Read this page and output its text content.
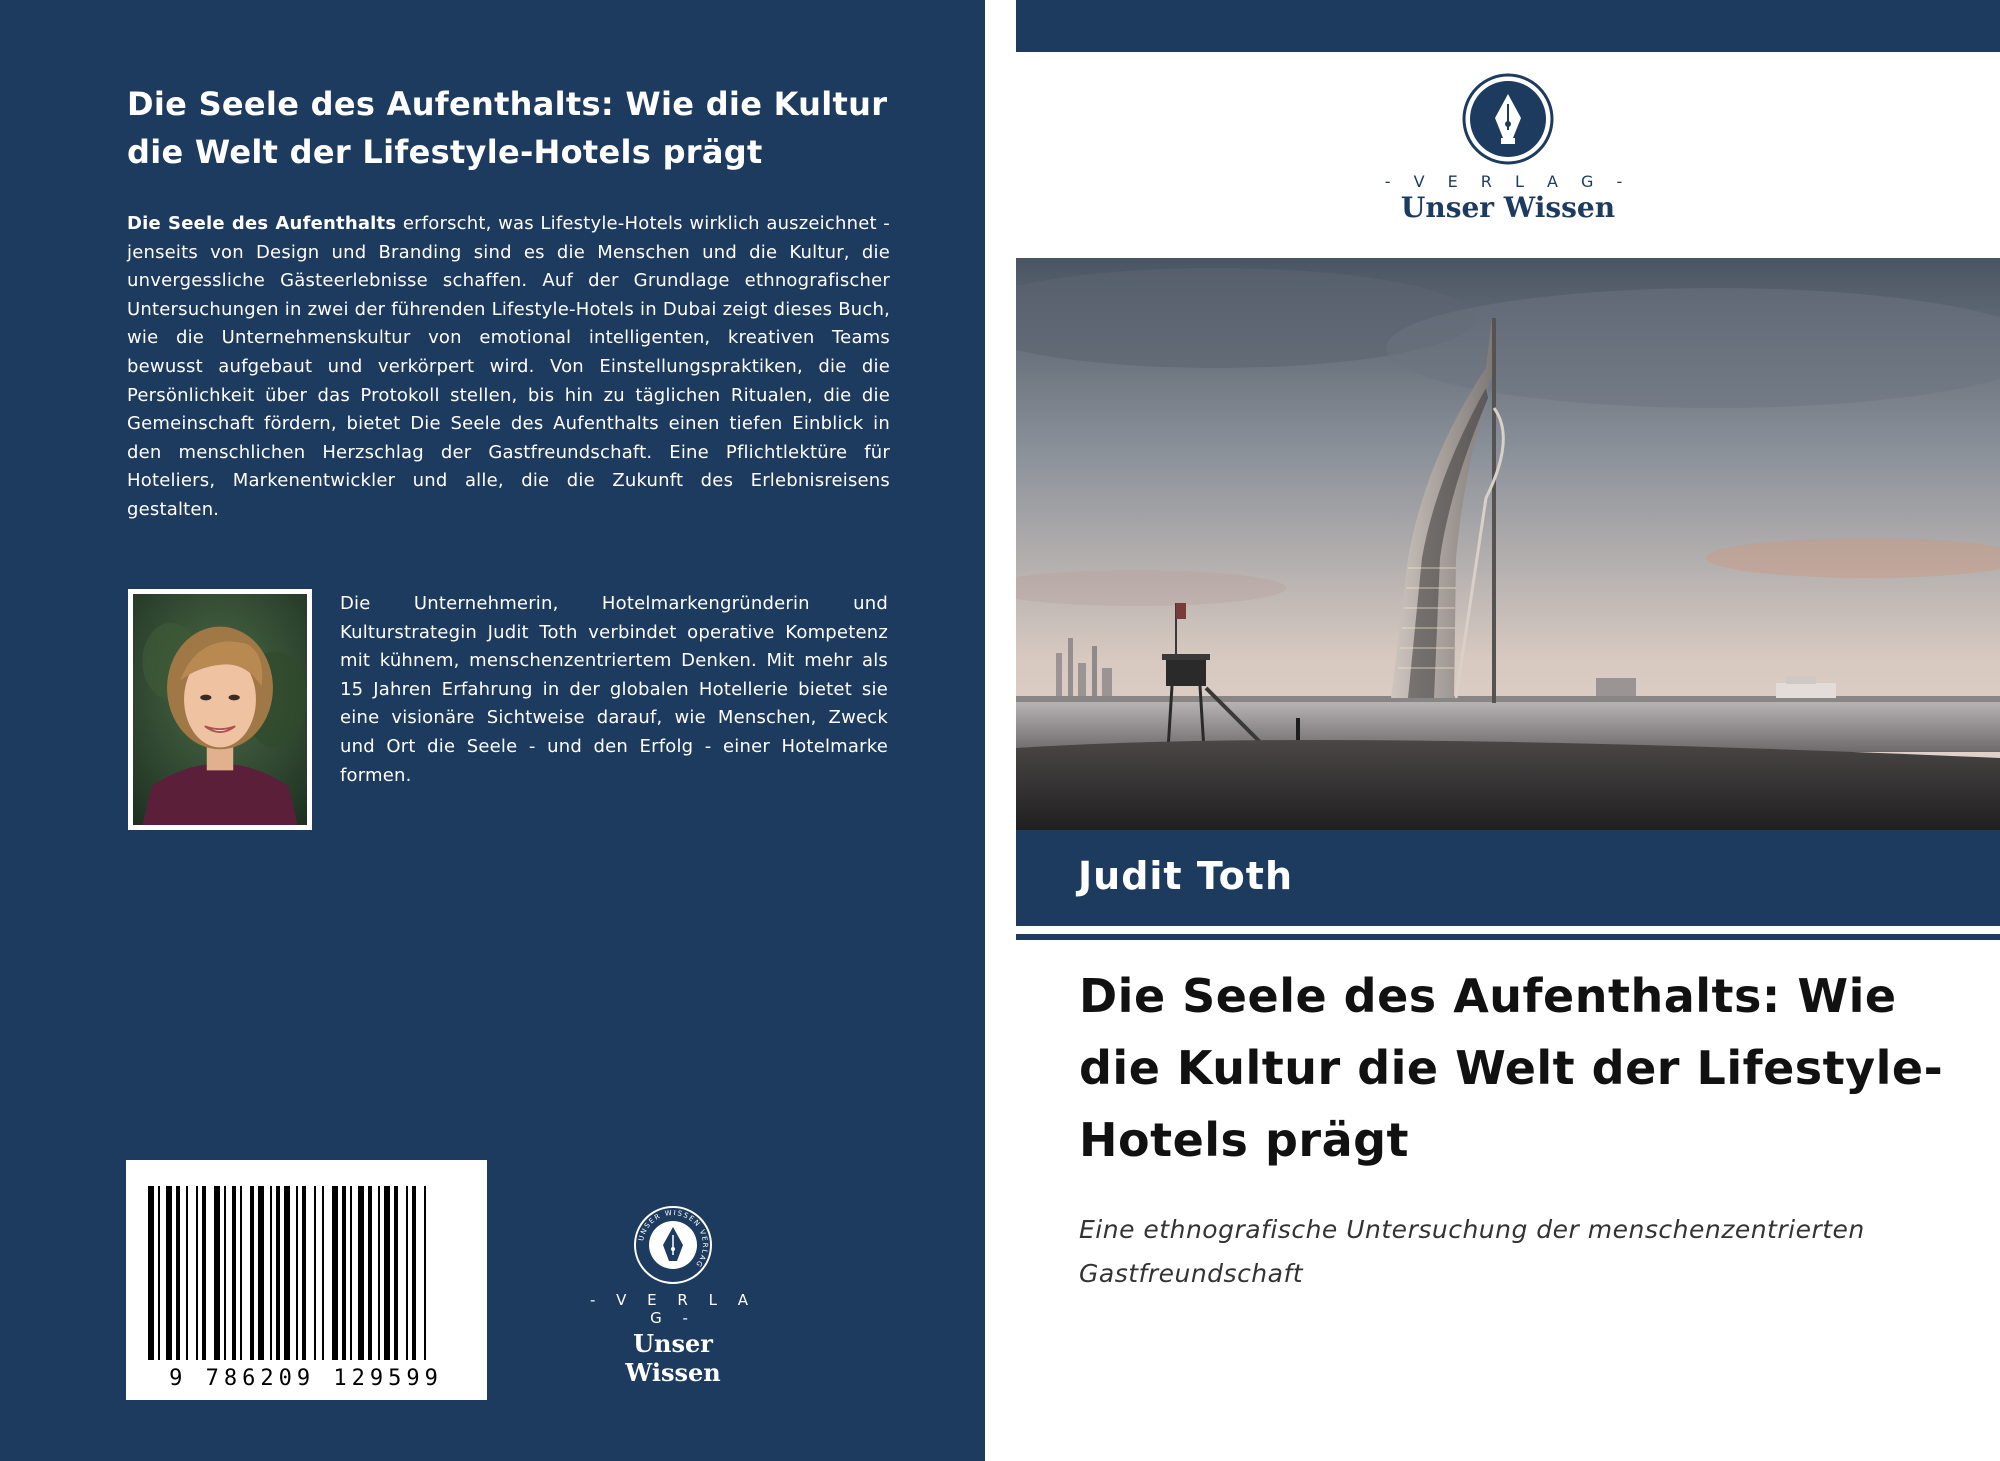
Die Seele des Aufenthalts: Wie die Kultur die Welt der Lifestyle-Hotels prägt
Die Seele des Aufenthalts erforscht, was Lifestyle-Hotels wirklich auszeichnet - jenseits von Design und Branding sind es die Menschen und die Kultur, die unvergessliche Gästeerlebnisse schaffen. Auf der Grundlage ethnografischer Untersuchungen in zwei der führenden Lifestyle-Hotels in Dubai zeigt dieses Buch, wie die Unternehmenskultur von emotional intelligenten, kreativen Teams bewusst aufgebaut und verkörpert wird. Von Einstellungspraktiken, die die Persönlichkeit über das Protokoll stellen, bis hin zu täglichen Ritualen, die die Gemeinschaft fördern, bietet Die Seele des Aufenthalts einen tiefen Einblick in den menschlichen Herzschlag der Gastfreundschaft. Eine Pflichtlektüre für Hoteliers, Markenentwickler und alle, die die Zukunft des Erlebnisreisens gestalten.
Die Unternehmerin, Hotelmarkengründerin und Kulturstrategin Judit Toth verbindet operative Kompetenz mit kühnem, menschenzentriertem Denken. Mit mehr als 15 Jahren Erfahrung in der globalen Hotellerie bietet sie eine visionäre Sichtweise darauf, wie Menschen, Zweck und Ort die Seele - und den Erfolg - einer Hotelmarke formen.
9 786209 129599
UNSER WISSEN VERLAG
- V E R L A G -
Unser Wissen
- V E R L A G -
Unser Wissen
Judit Toth
Die Seele des Aufenthalts: Wie die Kultur die Welt der Lifestyle-Hotels prägt
Eine ethnografische Untersuchung der menschenzentrierten Gastfreundschaft
